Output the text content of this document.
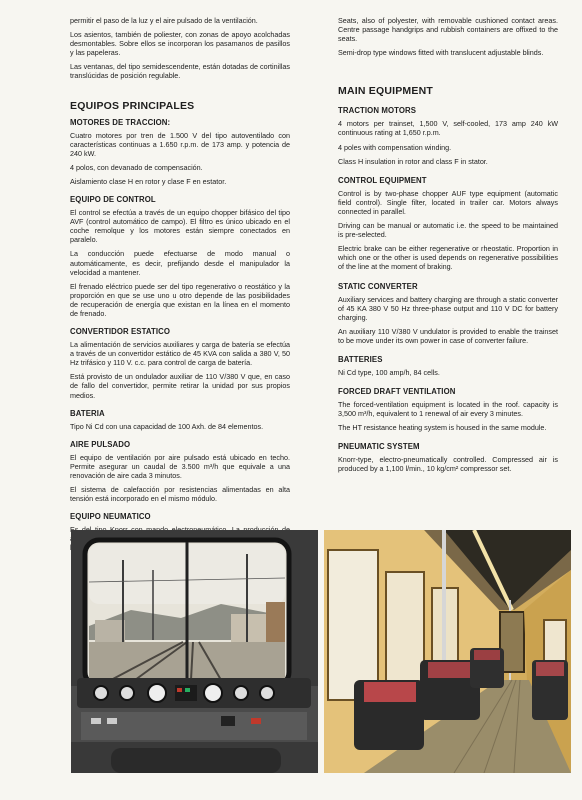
permitir el paso de la luz y el aire pulsado de la ventilación.

Los asientos, también de poliester, con zonas de apoyo acolchadas desmontables. Sobre ellos se incorporan los pasamanos de pasillos y las papeleras.

Las ventanas, del tipo semidescendente, están dotadas de cortinillas translúcidas de posición regulable.

EQUIPOS PRINCIPALES
MOTORES DE TRACCION:

Cuatro motores por tren de 1.500 V del tipo autoventilado con características continuas a 1.650 r.p.m. de 173 amp. y potencia de 240 kW.

4 polos, con devanado de compensación.

Aislamiento clase H en rotor y clase F en estator.

EQUIPO DE CONTROL

El control se efectúa a través de un equipo chopper bifásico del tipo AVF (control automático de campo). El filtro es único ubicado en el coche remolque y los motores están siempre conectados en paralelo.

La conducción puede efectuarse de modo manual o automáticamente, es decir, prefijando desde el manipulador la velocidad a mantener.

El frenado eléctrico puede ser del tipo regenerativo o reostático y la proporción en que se use uno u otro depende de las posibilidades de recuperación de energía que existan en la línea en el momento de frenado.

CONVERTIDOR ESTATICO

La alimentación de servicios auxiliares y carga de batería se efectúa a través de un convertidor estático de 45 KVA con salida a 380 V, 50 Hz trifásico y 110 V. c.c. para control de carga de batería.

Está provisto de un ondulador auxiliar de 110 V/380 V que, en caso de fallo del convertidor, permite retirar la unidad por sus propios medios.

BATERIA

Tipo Ni Cd con una capacidad de 100 Axh. de 84 elementos.

AIRE PULSADO

El equipo de ventilación por aire pulsado está ubicado en techo. Permite asegurar un caudal de 3.500 m³/h que equivale a una renovación de aire cada 3 minutos.

El sistema de calefacción por resistencias alimentadas en alta tensión está incorporado en el mismo módulo.

EQUIPO NEUMATICO

Seats, also of polyester, with removable cushioned contact areas. Centre passage handgrips and rubbish containers are offixed to the seats.

Semi-drop type windows fitted with translucent adjustable blinds.

MAIN EQUIPMENT
TRACTION MOTORS

4 motors per trainset, 1,500 V, self-cooled, 173 amp 240 kW continuous rating at 1,650 r.p.m.

4 poles with compensation winding.

Class H insulation in rotor and class F in stator.

CONTROL EQUIPMENT

Control is by two-phase chopper AUF type equipment (automatic field control). Single filter, located in trailer car. Motors always connected in parallel.

Driving can be manual or automatic i.e. the speed to be maintained is pre-selected.

Electric brake can be either regenerative or rheostatic. Proportion in which one or the other is used depends on regenerative possibilities of the line at the moment of braking.

STATIC CONVERTER

Auxiliary services and battery charging are through a static converter of 45 KA 380 V 50 Hz three-phase output and 110 V DC for battery charging.

An auxiliary 110 V/380 V undulator is provided to enable the trainset to be move under its own power in case of converter failure.

BATTERIES

Ni Cd type, 100 amp/h, 84 cells.

FORCED DRAFT VENTILATION

The forced-ventilation equipment is located in the roof. capacity is 3,500 m³/h, equivalent to 1 renewal of air every 3 minutes.

The HT resistance heating system is housed in the same module.

PNEUMATIC SYSTEM

Knorr-type, electro-pneumatically controlled. Compressed air is produced by a 1,100 l/min., 10 kg/cm² compressor set.
